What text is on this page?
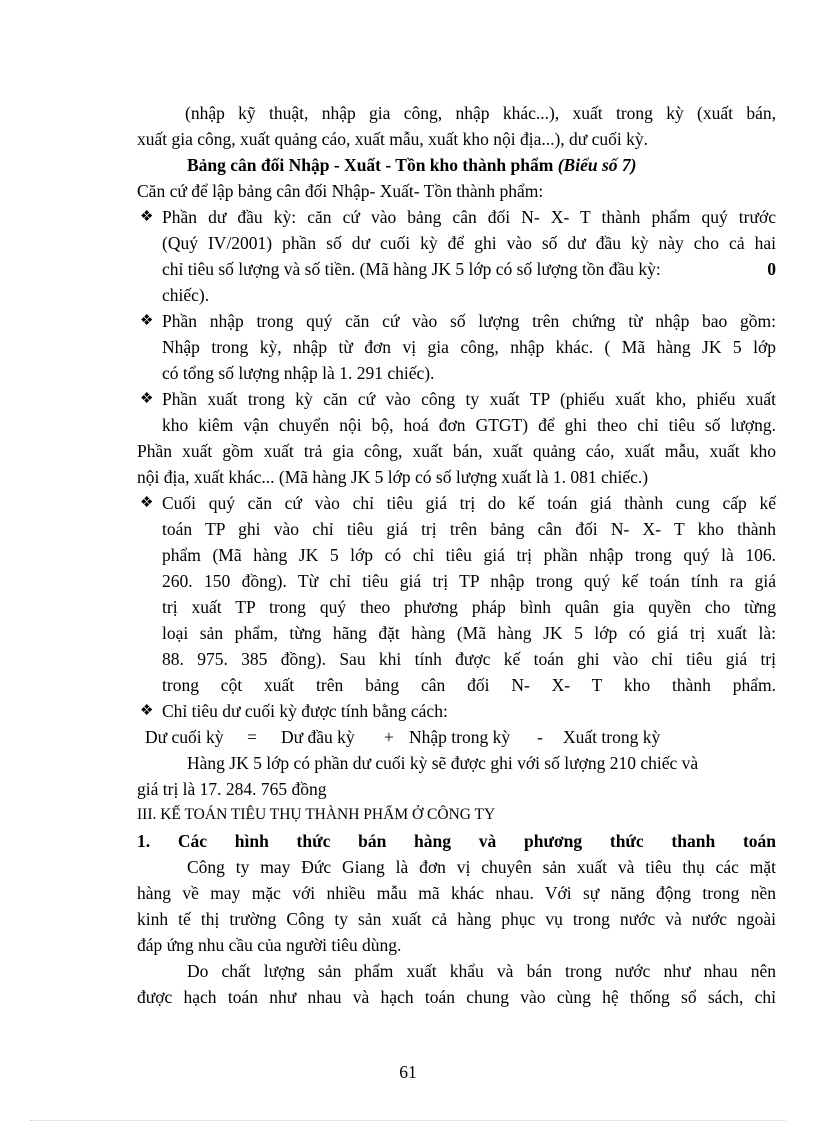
(nhập kỹ thuật, nhập gia công, nhập khác...), xuất trong kỳ (xuất bán,
xuất gia công, xuất quảng cáo, xuất mẫu, xuất kho nội địa...), dư cuối kỳ.
Bảng cân đối Nhập - Xuất - Tồn kho thành phẩm (Biểu số 7)
Căn cứ để lập bảng cân đối Nhập- Xuất- Tồn thành phẩm:
❖ Phần dư đầu kỳ: căn cứ vào bảng cân đối N- X- T thành phẩm quý trước
(Quý IV/2001) phần số dư cuối kỳ để ghi vào số dư đầu kỳ này cho cả hai
chỉ tiêu số lượng và số tiền. (Mã hàng JK 5 lớp có số lượng tồn đầu kỳ:	0
chiếc).
❖ Phần nhập trong quý căn cứ vào số lượng trên chứng từ nhập bao gồm:
Nhập trong kỳ, nhập từ đơn vị gia công, nhập khác. ( Mã hàng JK 5 lớp
có tổng số lượng nhập là 1. 291 chiếc).
❖ Phần xuất trong kỳ căn cứ vào công ty xuất TP (phiếu xuất kho, phiếu xuất
kho kiêm vận chuyển nội bộ, hoá đơn GTGT) để ghi theo chỉ tiêu số lượng.
Phần xuất gồm xuất trả gia công, xuất bán, xuất quảng cáo, xuất mẫu, xuất kho
nội địa, xuất khác... (Mã hàng JK 5 lớp có số lượng xuất là 1. 081 chiếc.)
❖ Cuối quý căn cứ vào chỉ tiêu giá trị do kế toán giá thành cung cấp kế
toán TP ghi vào chỉ tiêu giá trị trên bảng cân đối N- X- T kho thành
phẩm (Mã hàng JK 5 lớp có chỉ tiêu giá trị phần nhập trong quý là 106.
260. 150 đồng). Từ chỉ tiêu giá trị TP nhập trong quý kế toán tính ra giá
trị xuất TP trong quý theo phương pháp bình quân gia quyền cho từng
loại sản phẩm, từng hãng đặt hàng (Mã hàng JK 5 lớp có giá trị xuất là:
88. 975. 385 đồng). Sau khi tính được kế toán ghi vào chỉ tiêu giá trị
trong cột xuất trên bảng cân đối N- X- T kho thành phẩm.
❖ Chỉ tiêu dư cuối kỳ được tính bằng cách:
Dư cuối kỳ = Dư đầu kỳ + Nhập trong kỳ - Xuất trong kỳ
Hàng JK 5 lớp có phần dư cuối kỳ sẽ được ghi với số lượng 210 chiếc và
giá trị là 17. 284. 765 đồng
III. KẾ TOÁN TIÊU THỤ THÀNH PHẨM Ở CÔNG TY
1. Các hình thức bán hàng và phương thức thanh toán
Công ty may Đức Giang là đơn vị chuyên sản xuất và tiêu thụ các mặt
hàng về may mặc với nhiều mẫu mã khác nhau. Với sự năng động trong nền
kinh tế thị trường Công ty sản xuất cả hàng phục vụ trong nước và nước ngoài
đáp ứng nhu cầu của người tiêu dùng.
Do chất lượng sản phẩm xuất khẩu và bán trong nước như nhau nên
được hạch toán như nhau và hạch toán chung vào cùng hệ thống sổ sách, chỉ
61
